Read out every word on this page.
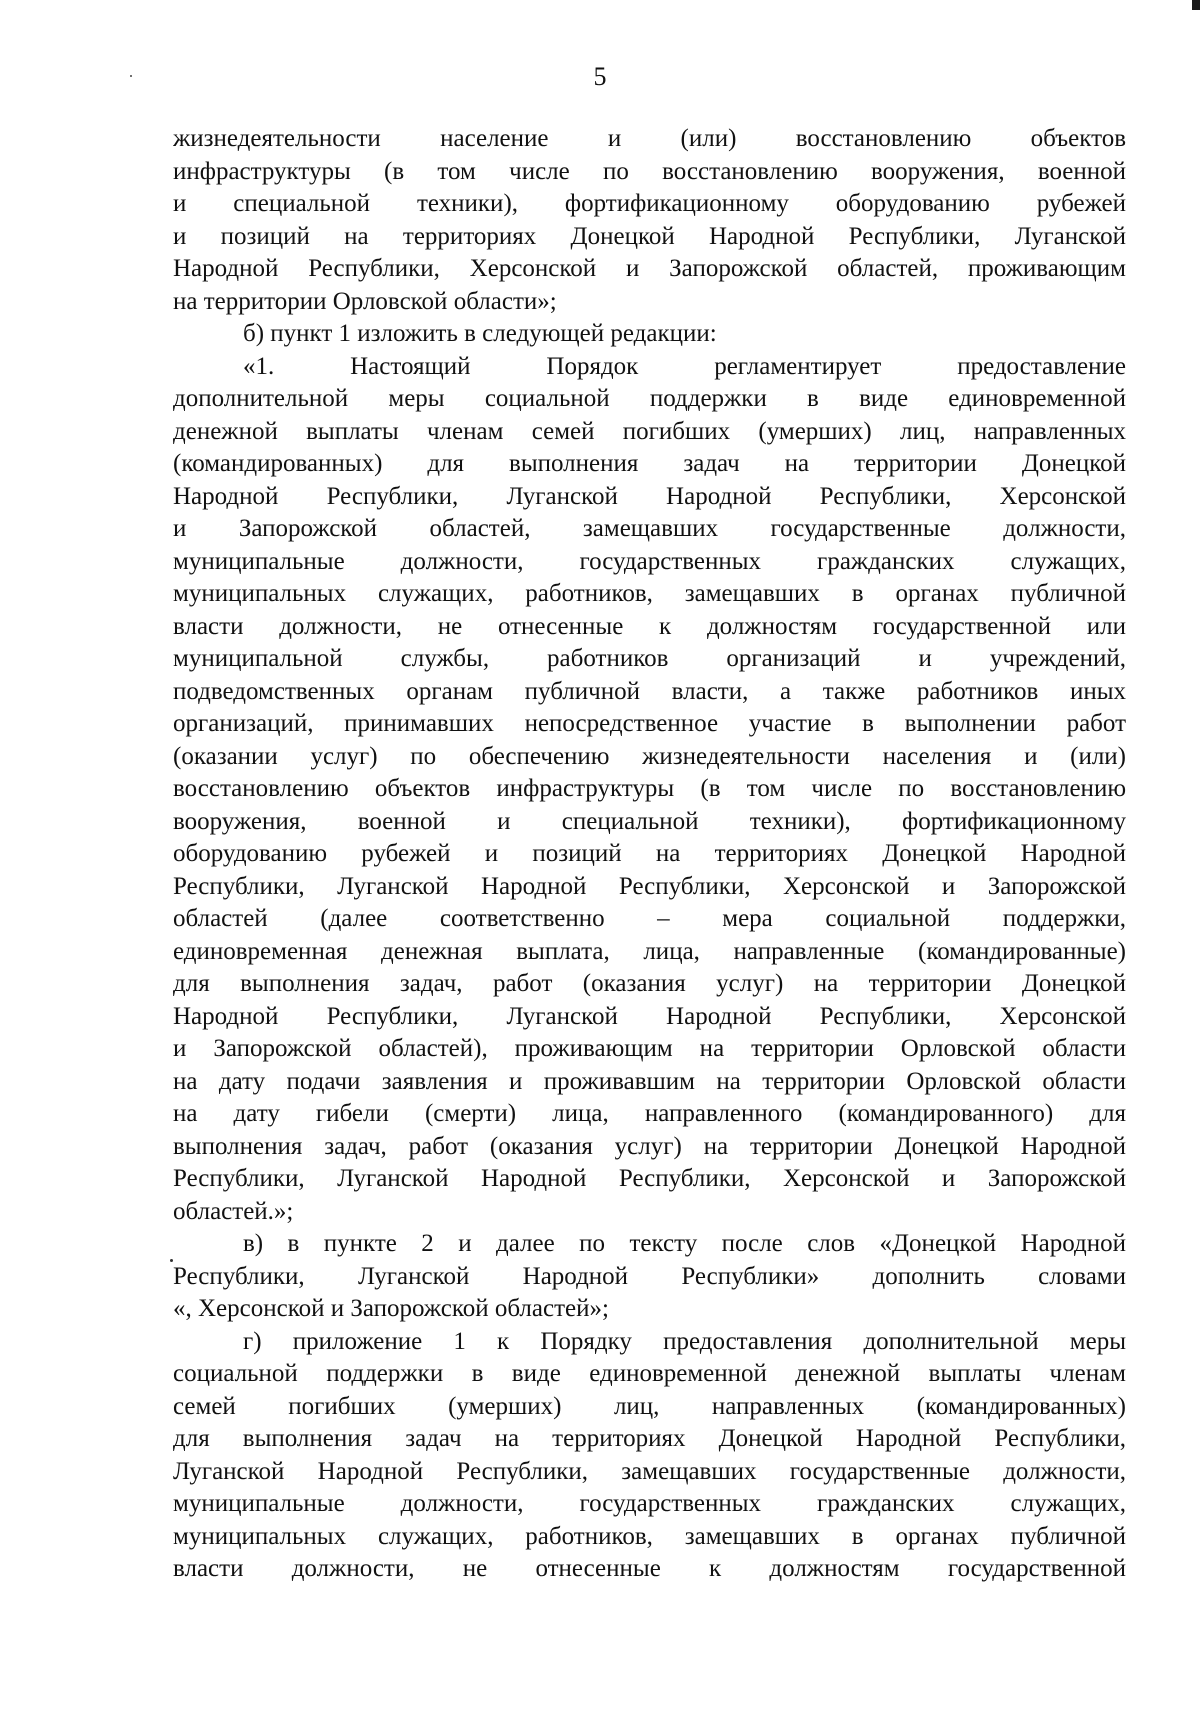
5
жизнедеятельности население и (или) восстановлению объектов
инфраструктуры (в том числе по восстановлению вооружения, военной
и специальной техники), фортификационному оборудованию рубежей
и позиций на территориях Донецкой Народной Республики, Луганской
Народной Республики, Херсонской и Запорожской областей, проживающим
на территории Орловской области»;
б) пункт 1 изложить в следующей редакции:
«1. Настоящий Порядок регламентирует предоставление
дополнительной меры социальной поддержки в виде единовременной
денежной выплаты членам семей погибших (умерших) лиц, направленных
(командированных) для выполнения задач на территории Донецкой
Народной Республики, Луганской Народной Республики, Херсонской
и Запорожской областей, замещавших государственные должности,
муниципальные должности, государственных гражданских служащих,
муниципальных служащих, работников, замещавших в органах публичной
власти должности, не отнесенные к должностям государственной или
муниципальной службы, работников организаций и учреждений,
подведомственных органам публичной власти, а также работников иных
организаций, принимавших непосредственное участие в выполнении работ
(оказании услуг) по обеспечению жизнедеятельности населения и (или)
восстановлению объектов инфраструктуры (в том числе по восстановлению
вооружения, военной и специальной техники), фортификационному
оборудованию рубежей и позиций на территориях Донецкой Народной
Республики, Луганской Народной Республики, Херсонской и Запорожской
областей (далее соответственно – мера социальной поддержки,
единовременная денежная выплата, лица, направленные (командированные)
для выполнения задач, работ (оказания услуг) на территории Донецкой
Народной Республики, Луганской Народной Республики, Херсонской
и Запорожской областей), проживающим на территории Орловской области
на дату подачи заявления и проживавшим на территории Орловской области
на дату гибели (смерти) лица, направленного (командированного) для
выполнения задач, работ (оказания услуг) на территории Донецкой Народной
Республики, Луганской Народной Республики, Херсонской и Запорожской
областей.»;
в) в пункте 2 и далее по тексту после слов «Донецкой Народной
Республики, Луганской Народной Республики» дополнить словами
«, Херсонской и Запорожской областей»;
г) приложение 1 к Порядку предоставления дополнительной меры
социальной поддержки в виде единовременной денежной выплаты членам
семей погибших (умерших) лиц, направленных (командированных)
для выполнения задач на территориях Донецкой Народной Республики,
Луганской Народной Республики, замещавших государственные должности,
муниципальные должности, государственных гражданских служащих,
муниципальных служащих, работников, замещавших в органах публичной
власти должности, не отнесенные к должностям государственной
